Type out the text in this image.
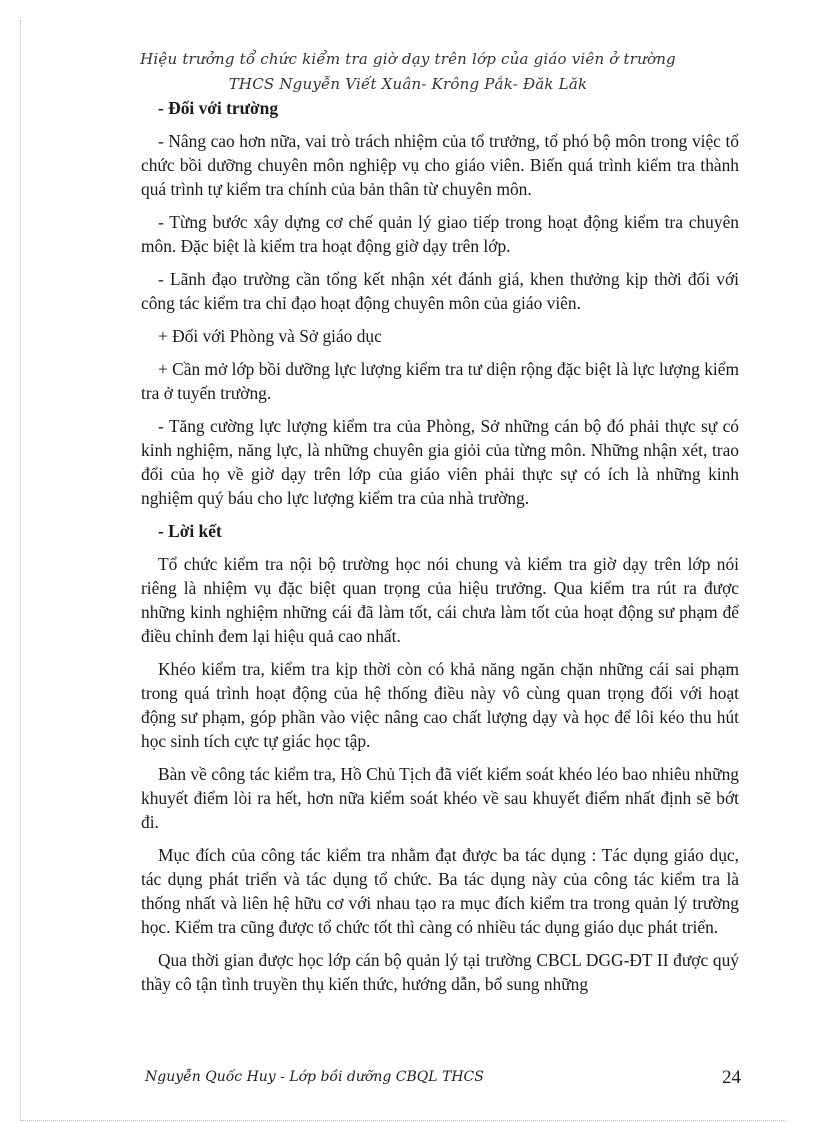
Hiệu trưởng tổ chức kiểm tra giờ dạy trên lớp của giáo viên ở trường
THCS Nguyễn Viết Xuân- Krông Pắk- Đăk Lăk

- Đối với trường

- Nâng cao hơn nữa, vai trò trách nhiệm của tổ trưởng, tổ phó bộ môn trong việc tổ chức bồi dưỡng chuyên môn nghiệp vụ cho giáo viên. Biến quá trình kiểm tra thành quá trình tự kiểm tra chính của bản thân từ chuyên môn.

- Từng bước xây dựng cơ chế quản lý giao tiếp trong hoạt động kiểm tra chuyên môn. Đặc biệt là kiểm tra hoạt động giờ dạy trên lớp.

- Lãnh đạo trường cần tổng kết nhận xét đánh giá, khen thưởng kịp thời đối với công tác kiểm tra chỉ đạo hoạt động chuyên môn của giáo viên.

+ Đối với Phòng và Sở giáo dục

+ Cần mở lớp bồi dưỡng lực lượng kiểm tra tư diện rộng đặc biệt là lực lượng kiểm tra ở tuyến trường.

- Tăng cường lực lượng kiểm tra của Phòng, Sở những cán bộ đó phải thực sự có kinh nghiệm, năng lực, là những chuyên gia giỏi của từng môn. Những nhận xét, trao đổi của họ về giờ dạy trên lớp của giáo viên phải thực sự có ích là những kinh nghiệm quý báu cho lực lượng kiểm tra của nhà trường.

- Lời kết

Tổ chức kiểm tra nội bộ trường học nói chung và kiểm tra giờ dạy trên lớp nói riêng là nhiệm vụ đặc biệt quan trọng của hiệu trưởng. Qua kiểm tra rút ra được những kinh nghiệm những cái đã làm tốt, cái chưa làm tốt của hoạt động sư phạm để điều chỉnh đem lại hiệu quả cao nhất.

Khéo kiểm tra, kiểm tra kịp thời còn có khả năng ngăn chặn những cái sai phạm trong quá trình hoạt động của hệ thống điều này vô cùng quan trọng đối với hoạt động sư phạm, góp phần vào việc nâng cao chất lượng dạy và học để lôi kéo thu hút học sinh tích cực tự giác học tập.

Bàn về công tác kiểm tra, Hồ Chủ Tịch đã viết kiểm soát khéo léo bao nhiêu những khuyết điểm lòi ra hết, hơn nữa kiểm soát khéo về sau khuyết điểm nhất định sẽ bớt đi.

Mục đích của công tác kiểm tra nhằm đạt được ba tác dụng : Tác dụng giáo dục, tác dụng phát triển và tác dụng tổ chức. Ba tác dụng này của công tác kiểm tra là thống nhất và liên hệ hữu cơ với nhau tạo ra mục đích kiểm tra trong quản lý trường học. Kiểm tra cũng được tổ chức tốt thì càng có nhiều tác dụng giáo dục phát triển.

Qua thời gian được học lớp cán bộ quản lý tại trường CBCL DGG-ĐT II được quý thầy cô tận tình truyền thụ kiến thức, hướng dẫn, bổ sung những

Nguyễn Quốc Huy - Lớp bồi dưỡng CBQL THCS	24
